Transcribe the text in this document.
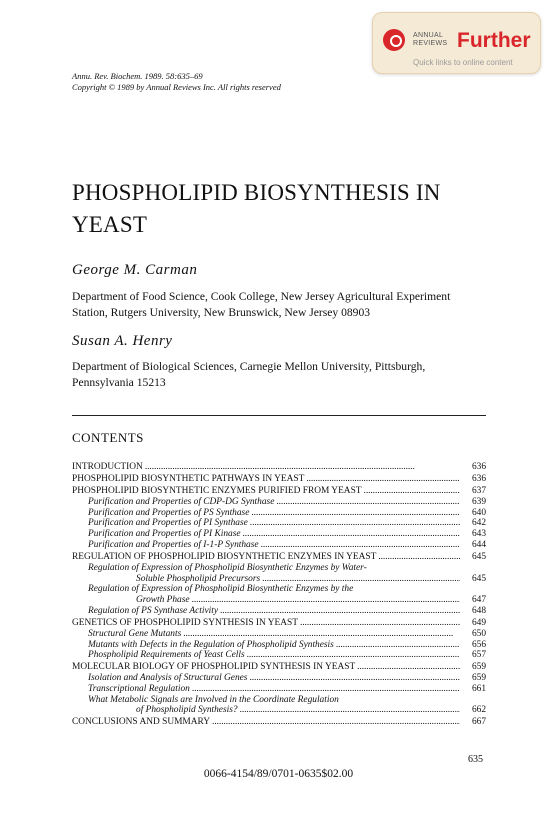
ANNUAL
REVIEWS Further
Quick links to online content
Annu. Rev. Biochem. 1989. 58:635–69
Copyright © 1989 by Annual Reviews Inc. All rights reserved
PHOSPHOLIPID BIOSYNTHESIS IN
YEAST
George M. Carman
Department of Food Science, Cook College, New Jersey Agricultural Experiment
Station, Rutgers University, New Brunswick, New Jersey 08903
Susan A. Henry
Department of Biological Sciences, Carnegie Mellon University, Pittsburgh,
Pennsylvania 15213
CONTENTS
INTRODUCTION . . .	636
PHOSPHOLIPID BIOSYNTHETIC PATHWAYS IN YEAST . . .	636
PHOSPHOLIPID BIOSYNTHETIC ENZYMES PURIFIED FROM YEAST . . .	637
Purification and Properties of CDP-DG Synthase . . .	639
Purification and Properties of PS Synthase . . .	640
Purification and Properties of PI Synthase . . .	642
Purification and Properties of PI Kinase . . .	643
Purification and Properties of I-1-P Synthase . . .	644
REGULATION OF PHOSPHOLIPID BIOSYNTHETIC ENZYMES IN YEAST . . .	645
Regulation of Expression of Phospholipid Biosynthetic Enzymes by Water-
Soluble Phospholipid Precursors . . .	645
Regulation of Expression of Phospholipid Biosynthetic Enzymes by the
Growth Phase . . .	647
Regulation of PS Synthase Activity . . .	648
GENETICS OF PHOSPHOLIPID SYNTHESIS IN YEAST . . .	649
Structural Gene Mutants . . .	650
Mutants with Defects in the Regulation of Phospholipid Synthesis . . .	656
Phospholipid Requirements of Yeast Cells . . .	657
MOLECULAR BIOLOGY OF PHOSPHOLIPID SYNTHESIS IN YEAST . . .	659
Isolation and Analysis of Structural Genes . . .	659
Transcriptional Regulation . . .	661
What Metabolic Signals are Involved in the Coordinate Regulation
of Phospholipid Synthesis? . . .	662
CONCLUSIONS AND SUMMARY . . .	667
635
0066-4154/89/0701-0635$02.00
